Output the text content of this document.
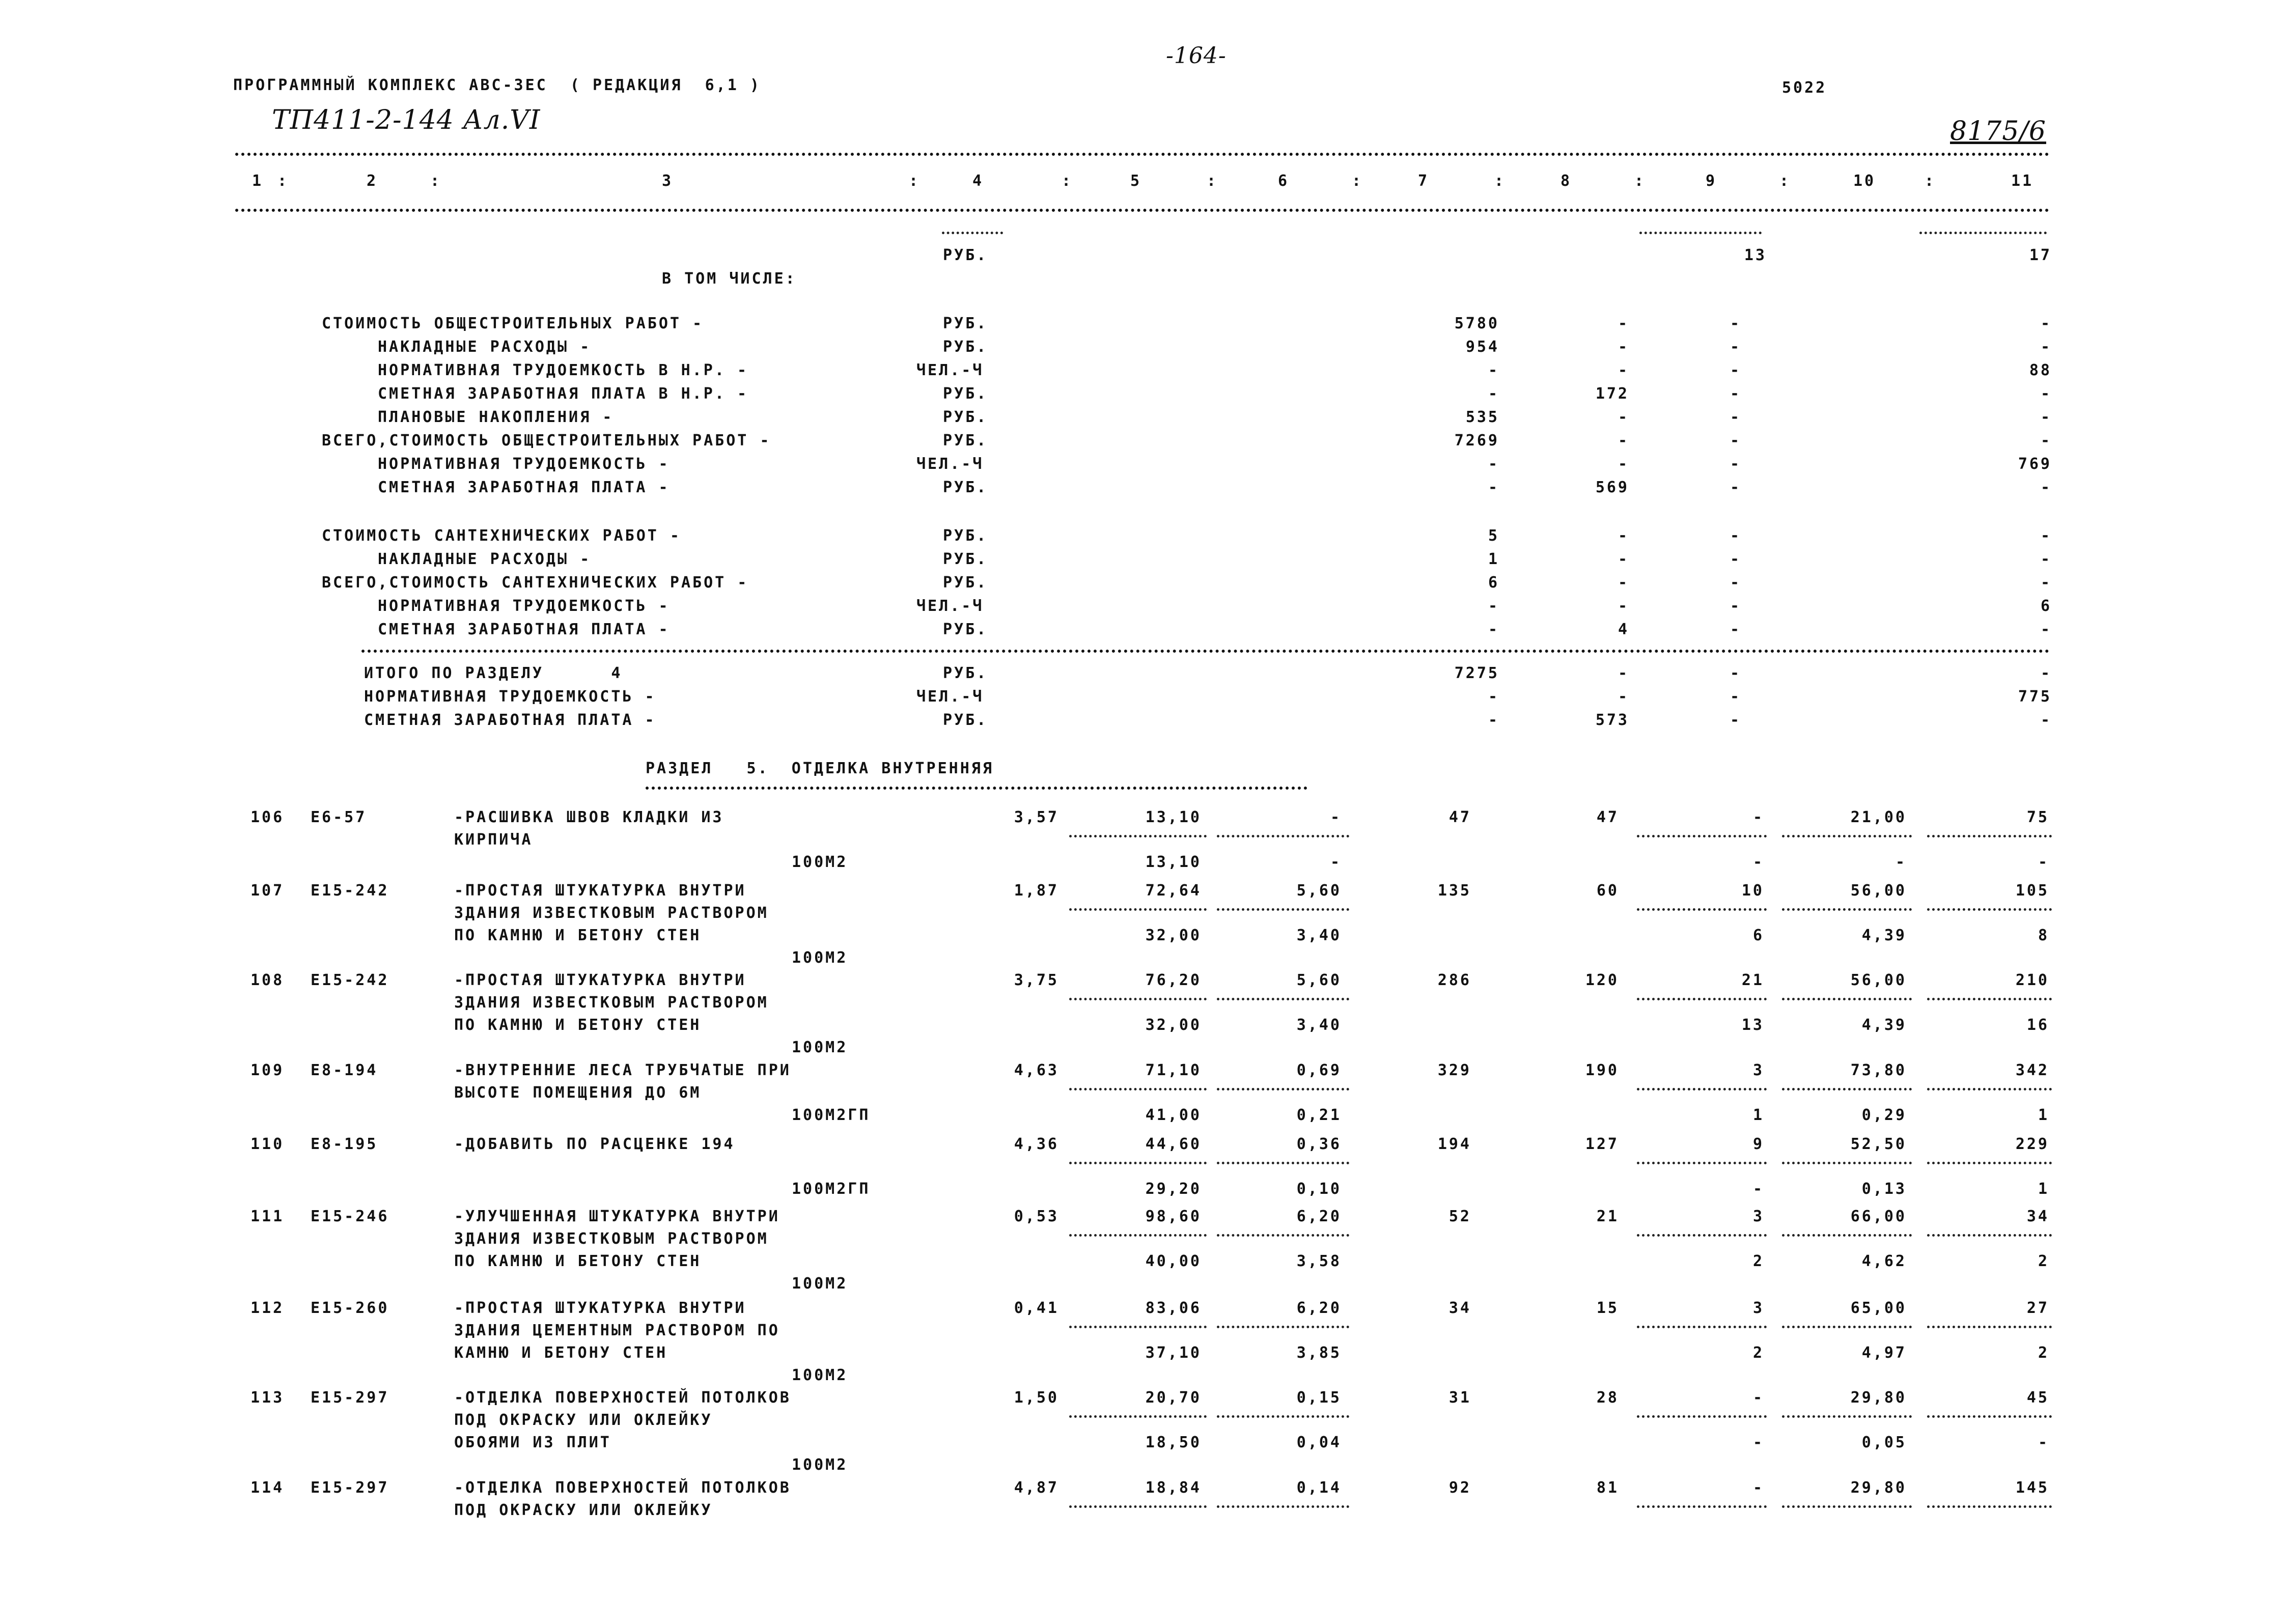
-164-
ПРОГРАММНЫЙ КОМПЛЕКС АВС-ЗЕС  ( РЕДАКЦИЯ  6,1 )	5022
ТП411-2-144 Ал.VI	8175/6
1	2	3	4	5	6	7	8	9	10	11
:	:	:	:	:	:	:	:	:	:
РУБ.	13	17
В ТОМ ЧИСЛЕ:
СТОИМОСТЬ ОБЩЕСТРОИТЕЛЬНЫХ РАБОТ -	РУБ.	5780	-	-	-
НАКЛАДНЫЕ РАСХОДЫ -	РУБ.	954	-	-	-
НОРМАТИВНАЯ ТРУДОЕМКОСТЬ В Н.Р. -	ЧЕЛ.-Ч	-	-	-	88
СМЕТНАЯ ЗАРАБОТНАЯ ПЛАТА В Н.Р. -	РУБ.	-	172	-	-
ПЛАНОВЫЕ НАКОПЛЕНИЯ -	РУБ.	535	-	-	-
ВСЕГО,СТОИМОСТЬ ОБЩЕСТРОИТЕЛЬНЫХ РАБОТ -	РУБ.	7269	-	-	-
НОРМАТИВНАЯ ТРУДОЕМКОСТЬ -	ЧЕЛ.-Ч	-	-	-	769
СМЕТНАЯ ЗАРАБОТНАЯ ПЛАТА -	РУБ.	-	569	-	-
СТОИМОСТЬ САНТЕХНИЧЕСКИХ РАБОТ -	РУБ.	5	-	-	-
НАКЛАДНЫЕ РАСХОДЫ -	РУБ.	1	-	-	-
ВСЕГО,СТОИМОСТЬ САНТЕХНИЧЕСКИХ РАБОТ -	РУБ.	6	-	-	-
НОРМАТИВНАЯ ТРУДОЕМКОСТЬ -	ЧЕЛ.-Ч	-	-	-	6
СМЕТНАЯ ЗАРАБОТНАЯ ПЛАТА -	РУБ.	-	4	-	-
ИТОГО ПО РАЗДЕЛУ      4	РУБ.	7275	-	-	-
НОРМАТИВНАЯ ТРУДОЕМКОСТЬ -	ЧЕЛ.-Ч	-	-	-	775
СМЕТНАЯ ЗАРАБОТНАЯ ПЛАТА -	РУБ.	-	573	-	-
РАЗДЕЛ   5.  ОТДЕЛКА ВНУТРЕННЯЯ
106 Е6-57	-РАСШИВКА ШВОВ КЛАДКИ ИЗ
КИРПИЧА
3,57	13,10	-	47	47	-	21,00	75
13,10	-	-	-	-
100М2
107 Е15-242	-ПРОСТАЯ ШТУКАТУРКА ВНУТРИ
ЗДАНИЯ ИЗВЕСТКОВЫМ РАСТВОРОМ
ПО КАМНЮ И БЕТОНУ СТЕН
1,87	72,64	5,60	135	60	10	56,00	105
32,00	3,40	6	4,39	8
100М2
108 Е15-242	-ПРОСТАЯ ШТУКАТУРКА ВНУТРИ
ЗДАНИЯ ИЗВЕСТКОВЫМ РАСТВОРОМ
ПО КАМНЮ И БЕТОНУ СТЕН
3,75	76,20	5,60	286	120	21	56,00	210
32,00	3,40	13	4,39	16
100М2
109 Е8-194	-ВНУТРЕННИЕ ЛЕСА ТРУБЧАТЫЕ ПРИ
ВЫСОТЕ ПОМЕЩЕНИЯ ДО 6М
4,63	71,10	0,69	329	190	3	73,80	342
41,00	0,21	1	0,29	1
100М2ГП
110 Е8-195	-ДОБАВИТЬ ПО РАСЦЕНКЕ 194	4,36	44,60	0,36	194	127	9	52,50	229
29,20	0,10	-	0,13	1
100М2ГП
111 Е15-246	-УЛУЧШЕННАЯ ШТУКАТУРКА ВНУТРИ
ЗДАНИЯ ИЗВЕСТКОВЫМ РАСТВОРОМ
ПО КАМНЮ И БЕТОНУ СТЕН
0,53	98,60	6,20	52	21	3	66,00	34
40,00	3,58	2	4,62	2
100М2
112 Е15-260	-ПРОСТАЯ ШТУКАТУРКА ВНУТРИ
ЗДАНИЯ ЦЕМЕНТНЫМ РАСТВОРОМ ПО
КАМНЮ И БЕТОНУ СТЕН
0,41	83,06	6,20	34	15	3	65,00	27
37,10	3,85	2	4,97	2
100М2
113 Е15-297	-ОТДЕЛКА ПОВЕРХНОСТЕЙ ПОТОЛКОВ
ПОД ОКРАСКУ ИЛИ ОКЛЕЙКУ
ОБОЯМИ ИЗ ПЛИТ
1,50	20,70	0,15	31	28	-	29,80	45
18,50	0,04	-	0,05	-
100М2
114 Е15-297	-ОТДЕЛКА ПОВЕРХНОСТЕЙ ПОТОЛКОВ
ПОД ОКРАСКУ ИЛИ ОКЛЕЙКУ
4,87	18,84	0,14	92	81	-	29,80	145
